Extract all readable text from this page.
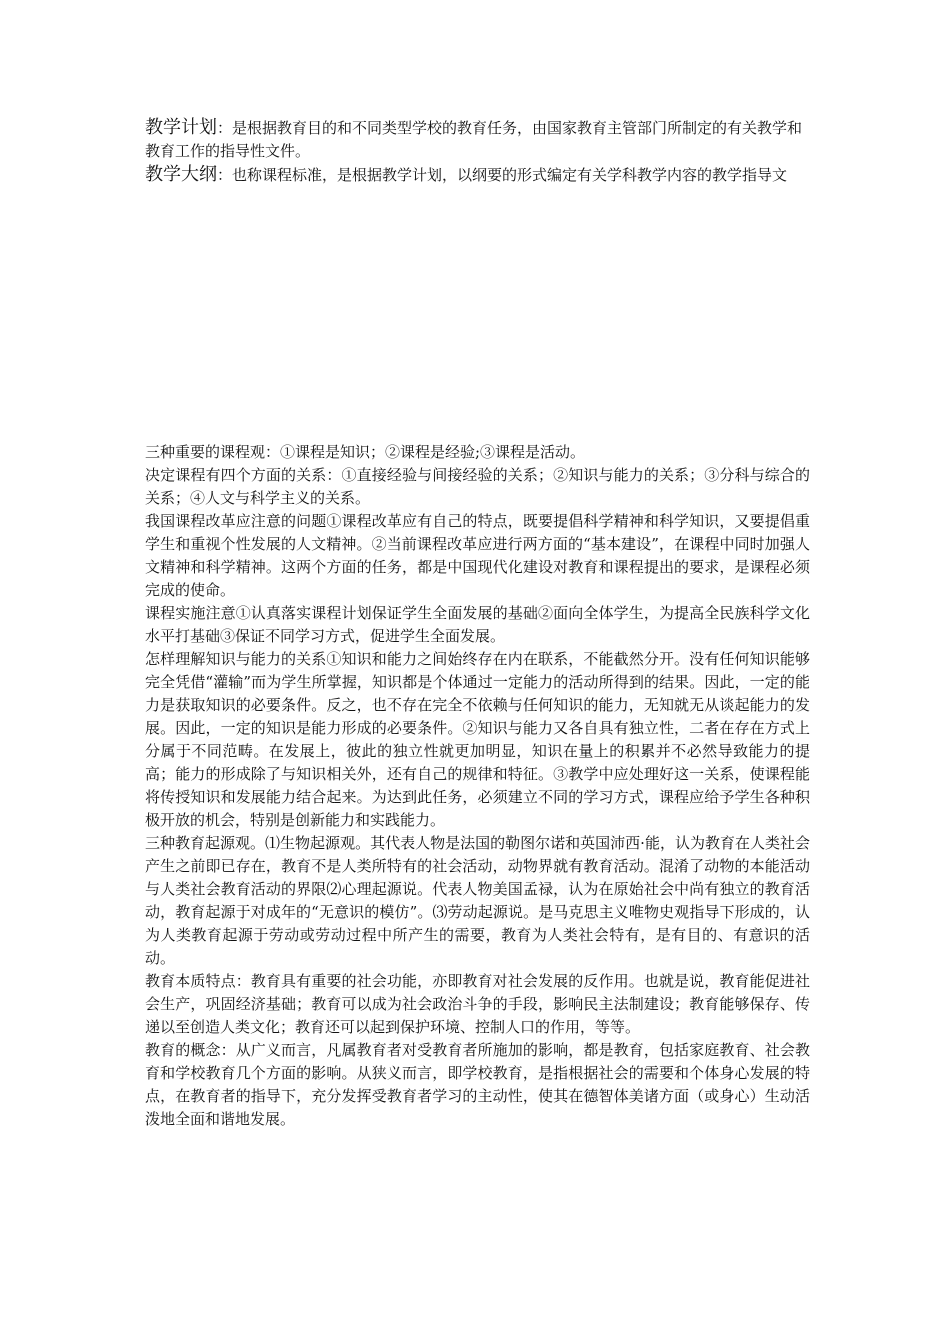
教学计划：是根据教育目的和不同类型学校的教育任务，由国家教育主管部门所制定的有关教学和教育工作的指导性文件。

教学大纲：也称课程标准，是根据教学计划，以纲要的形式编定有关学科教学内容的教学指导文

三种重要的课程观：①课程是知识；②课程是经验;③课程是活动。

决定课程有四个方面的关系：①直接经验与间接经验的关系；②知识与能力的关系；③分科与综合的关系；④人文与科学主义的关系。

我国课程改革应注意的问题①课程改革应有自己的特点，既要提倡科学精神和科学知识，又要提倡重学生和重视个性发展的人文精神。②当前课程改革应进行两方面的“基本建设”，在课程中同时加强人文精神和科学精神。这两个方面的任务，都是中国现代化建设对教育和课程提出的要求，是课程必须完成的使命。

课程实施注意①认真落实课程计划保证学生全面发展的基础②面向全体学生，为提高全民族科学文化水平打基础③保证不同学习方式，促进学生全面发展。

怎样理解知识与能力的关系①知识和能力之间始终存在内在联系，不能截然分开。没有任何知识能够完全凭借“灌输”而为学生所掌握，知识都是个体通过一定能力的活动所得到的结果。因此，一定的能力是获取知识的必要条件。反之，也不存在完全不依赖与任何知识的能力，无知就无从谈起能力的发展。因此，一定的知识是能力形成的必要条件。②知识与能力又各自具有独立性，二者在存在方式上分属于不同范畴。在发展上，彼此的独立性就更加明显，知识在量上的积累并不必然导致能力的提高；能力的形成除了与知识相关外，还有自己的规律和特征。③教学中应处理好这一关系，使课程能将传授知识和发展能力结合起来。为达到此任务，必须建立不同的学习方式，课程应给予学生各种积极开放的机会，特别是创新能力和实践能力。

三种教育起源观。⑴生物起源观。其代表人物是法国的勒图尔诺和英国沛西·能，认为教育在人类社会产生之前即已存在，教育不是人类所特有的社会活动，动物界就有教育活动。混淆了动物的本能活动与人类社会教育活动的界限⑵心理起源说。代表人物美国孟禄，认为在原始社会中尚有独立的教育活动，教育起源于对成年的“无意识的模仿”。⑶劳动起源说。是马克思主义唯物史观指导下形成的，认为人类教育起源于劳动或劳动过程中所产生的需要，教育为人类社会特有，是有目的、有意识的活动。

教育本质特点：教育具有重要的社会功能，亦即教育对社会发展的反作用。也就是说，教育能促进社会生产，巩固经济基础；教育可以成为社会政治斗争的手段，影响民主法制建设；教育能够保存、传递以至创造人类文化；教育还可以起到保护环境、控制人口的作用，等等。

教育的概念：从广义而言，凡属教育者对受教育者所施加的影响，都是教育，包括家庭教育、社会教育和学校教育几个方面的影响。从狭义而言，即学校教育，是指根据社会的需要和个体身心发展的特点，在教育者的指导下，充分发挥受教育者学习的主动性，使其在德智体美诸方面（或身心）生动活泼地全面和谐地发展。
